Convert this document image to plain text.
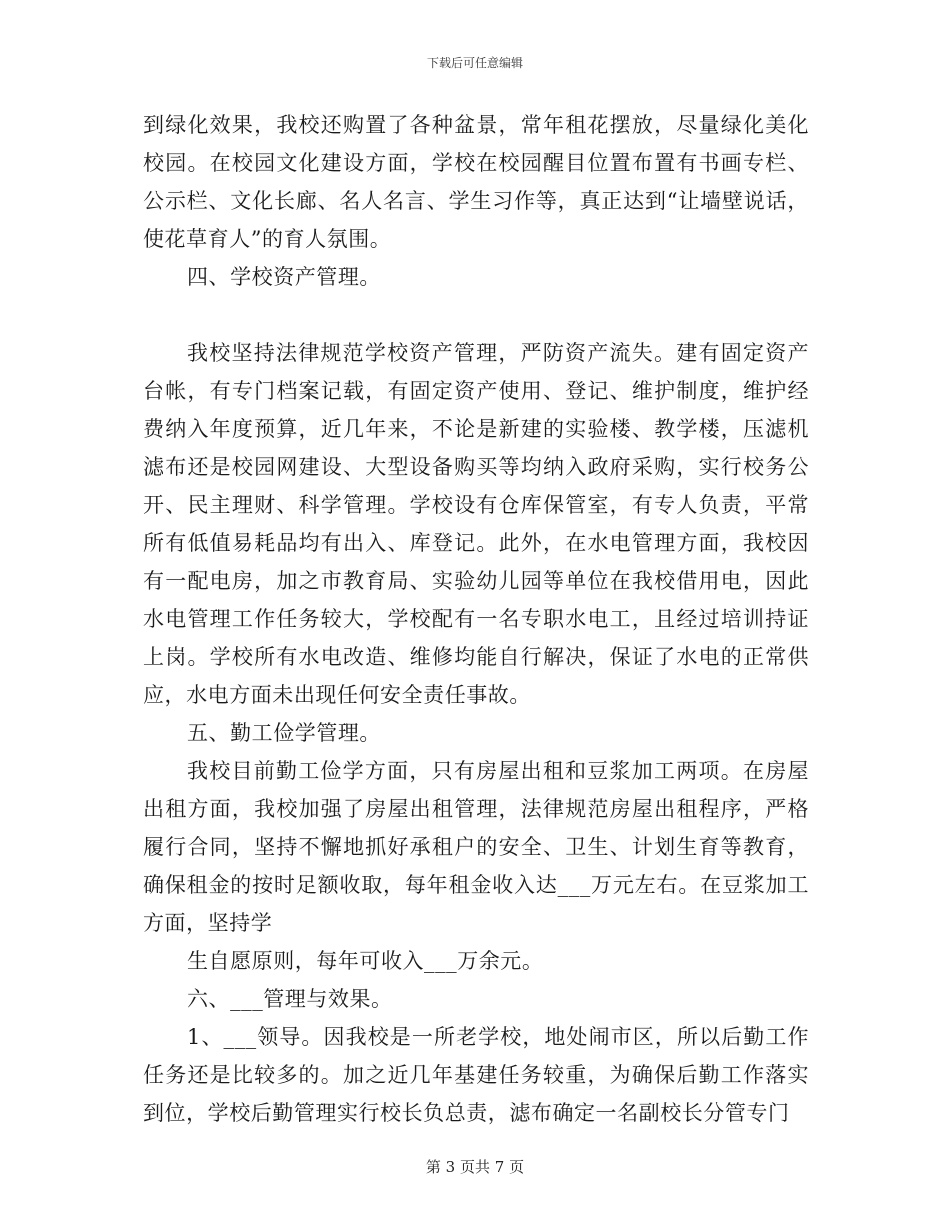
下载后可任意编辑

到绿化效果，我校还购置了各种盆景，常年租花摆放，尽量绿化美化校园。在校园文化建设方面，学校在校园醒目位置布置有书画专栏、公示栏、文化长廊、名人名言、学生习作等，真正达到“让墙壁说话，使花草育人”的育人氛围。

四、学校资产管理。

我校坚持法律规范学校资产管理，严防资产流失。建有固定资产台帐，有专门档案记载，有固定资产使用、登记、维护制度，维护经费纳入年度预算，近几年来，不论是新建的实验楼、教学楼，压滤机滤布还是校园网建设、大型设备购买等均纳入政府采购，实行校务公开、民主理财、科学管理。学校设有仓库保管室，有专人负责，平常所有低值易耗品均有出入、库登记。此外，在水电管理方面，我校因有一配电房，加之市教育局、实验幼儿园等单位在我校借用电，因此水电管理工作任务较大，学校配有一名专职水电工，且经过培训持证上岗。学校所有水电改造、维修均能自行解决，保证了水电的正常供应，水电方面未出现任何安全责任事故。

五、勤工俭学管理。

我校目前勤工俭学方面，只有房屋出租和豆浆加工两项。在房屋出租方面，我校加强了房屋出租管理，法律规范房屋出租程序，严格履行合同，坚持不懈地抓好承租户的安全、卫生、计划生育等教育，确保租金的按时足额收取，每年租金收入达___万元左右。在豆浆加工方面，坚持学

生自愿原则，每年可收入___万余元。

六、___管理与效果。

1、___领导。因我校是一所老学校，地处闹市区，所以后勤工作任务还是比较多的。加之近几年基建任务较重，为确保后勤工作落实到位，学校后勤管理实行校长负总责，滤布确定一名副校长分管专门

第 3 页共 7 页
